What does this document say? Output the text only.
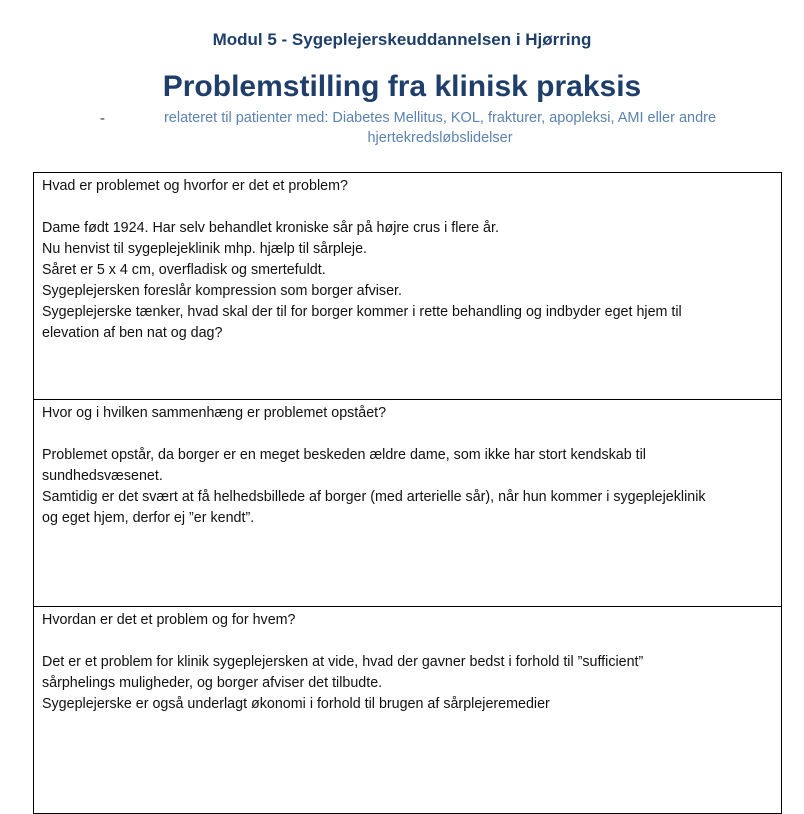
Modul 5 - Sygeplejerskeuddannelsen i Hjørring
Problemstilling fra klinisk praksis
-	relateret til patienter med: Diabetes Mellitus, KOL, frakturer, apopleksi, AMI eller andre
hjertekredsløbslidelser
Hvad er problemet og hvorfor er det et problem?
Dame født 1924. Har selv behandlet kroniske sår på højre crus i flere år.
Nu henvist til sygeplejeklinik mhp. hjælp til sårpleje.
Såret er 5 x 4 cm, overfladisk og smertefuldt.
Sygeplejersken foreslår kompression som borger afviser.
Sygeplejerske tænker, hvad skal der til for borger kommer i rette behandling og indbyder eget hjem til
elevation af ben nat og dag?

Hvor og i hvilken sammenhæng er problemet opstået?
Problemet opstår, da borger er en meget beskeden ældre dame, som ikke har stort kendskab til
sundhedsvæsenet.
Samtidig er det svært at få helhedsbillede af borger (med arterielle sår), når hun kommer i sygeplejeklinik
og eget hjem, derfor ej ”er kendt”.

Hvordan er det et problem og for hvem?
Det er et problem for klinik sygeplejersken at vide, hvad der gavner bedst i forhold til ”sufficient”
sårphelings muligheder, og borger afviser det tilbudte.
Sygeplejerske er også underlagt økonomi i forhold til brugen af sårplejeremedier
